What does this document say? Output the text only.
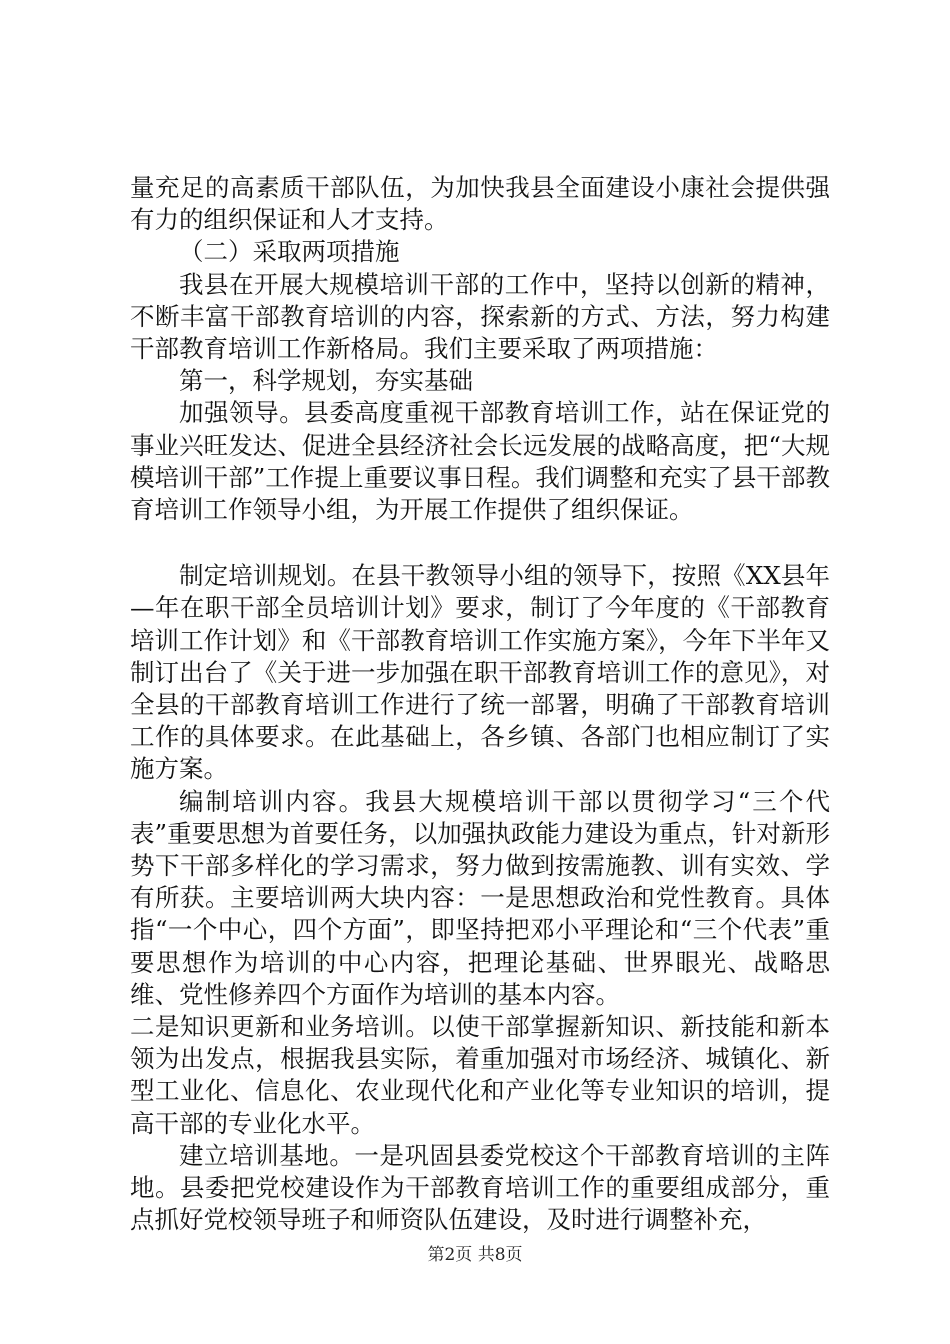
量充足的高素质干部队伍，为加快我县全面建设小康社会提供强有力的组织保证和人才支持。

（二）采取两项措施

我县在开展大规模培训干部的工作中，坚持以创新的精神，不断丰富干部教育培训的内容，探索新的方式、方法，努力构建干部教育培训工作新格局。我们主要采取了两项措施：

第一，科学规划，夯实基础

加强领导。县委高度重视干部教育培训工作，站在保证党的事业兴旺发达、促进全县经济社会长远发展的战略高度，把“大规模培训干部”工作提上重要议事日程。我们调整和充实了县干部教育培训工作领导小组，为开展工作提供了组织保证。

制定培训规划。在县干教领导小组的领导下，按照《XX县年—年在职干部全员培训计划》要求，制订了今年度的《干部教育培训工作计划》和《干部教育培训工作实施方案》，今年下半年又制订出台了《关于进一步加强在职干部教育培训工作的意见》，对全县的干部教育培训工作进行了统一部署，明确了干部教育培训工作的具体要求。在此基础上，各乡镇、各部门也相应制订了实施方案。

编制培训内容。我县大规模培训干部以贯彻学习“三个代表”重要思想为首要任务，以加强执政能力建设为重点，针对新形势下干部多样化的学习需求，努力做到按需施教、训有实效、学有所获。主要培训两大块内容：一是思想政治和党性教育。具体指“一个中心，四个方面”，即坚持把邓小平理论和“三个代表”重要思想作为培训的中心内容，把理论基础、世界眼光、战略思维、党性修养四个方面作为培训的基本内容。

二是知识更新和业务培训。以使干部掌握新知识、新技能和新本领为出发点，根据我县实际，着重加强对市场经济、城镇化、新型工业化、信息化、农业现代化和产业化等专业知识的培训，提高干部的专业化水平。

建立培训基地。一是巩固县委党校这个干部教育培训的主阵地。县委把党校建设作为干部教育培训工作的重要组成部分，重点抓好党校领导班子和师资队伍建设，及时进行调整补充，

第2页 共8页
